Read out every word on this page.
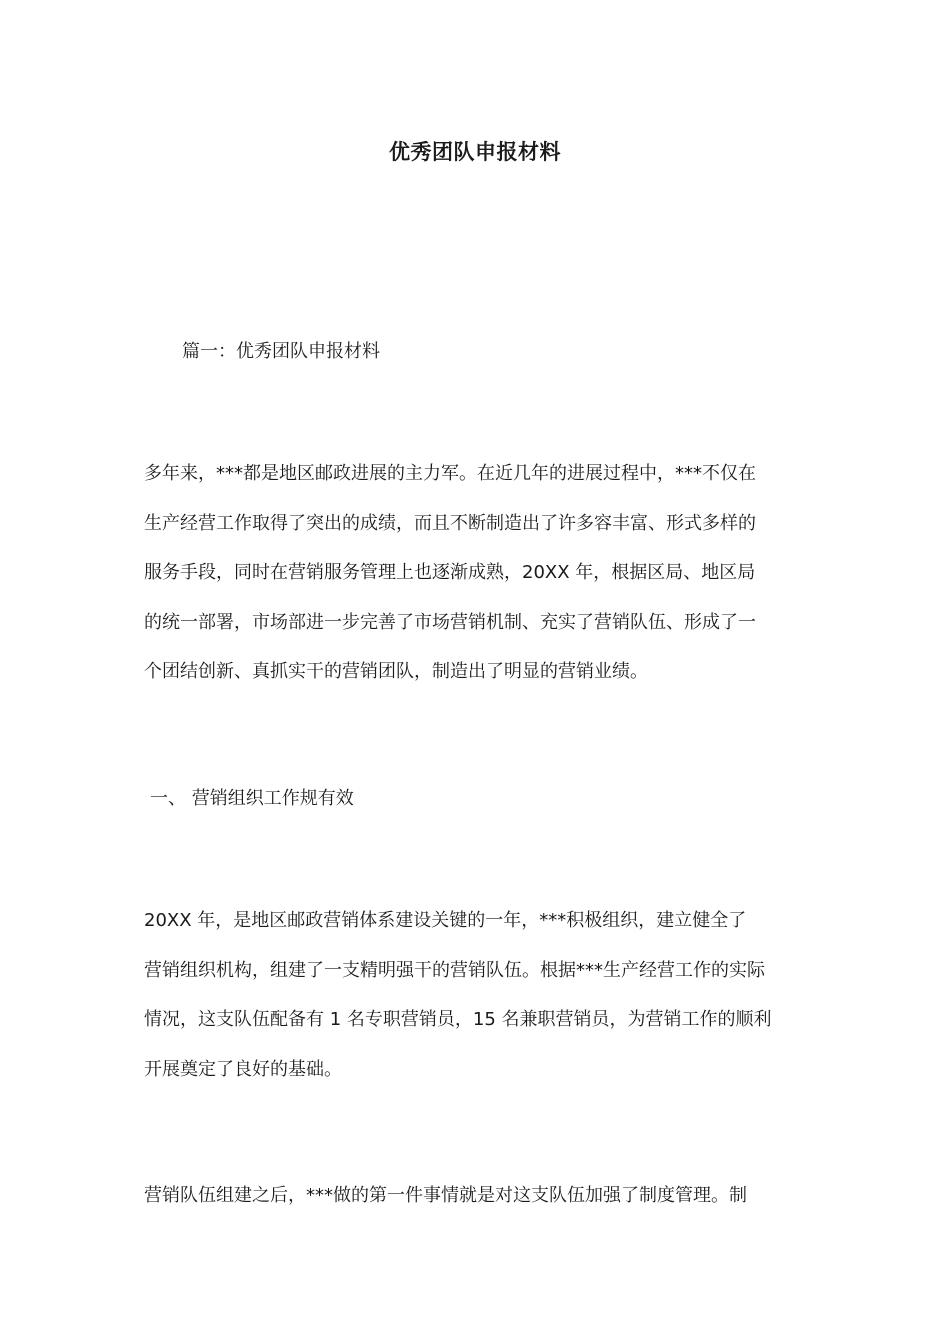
优秀团队申报材料
篇一：优秀团队申报材料

多年来，***都是地区邮政进展的主力军。在近几年的进展过程中，***不仅在
生产经营工作取得了突出的成绩，而且不断制造出了许多容丰富、形式多样的
服务手段，同时在营销服务管理上也逐渐成熟，20XX 年，根据区局、地区局
的统一部署，市场部进一步完善了市场营销机制、充实了营销队伍、形成了一
个团结创新、真抓实干的营销团队，制造出了明显的营销业绩。

一、 营销组织工作规有效

20XX 年，是地区邮政营销体系建设关键的一年，***积极组织，建立健全了
营销组织机构，组建了一支精明强干的营销队伍。根据***生产经营工作的实际
情况，这支队伍配备有 1 名专职营销员，15 名兼职营销员，为营销工作的顺利
开展奠定了良好的基础。

营销队伍组建之后，***做的第一件事情就是对这支队伍加强了制度管理。制
